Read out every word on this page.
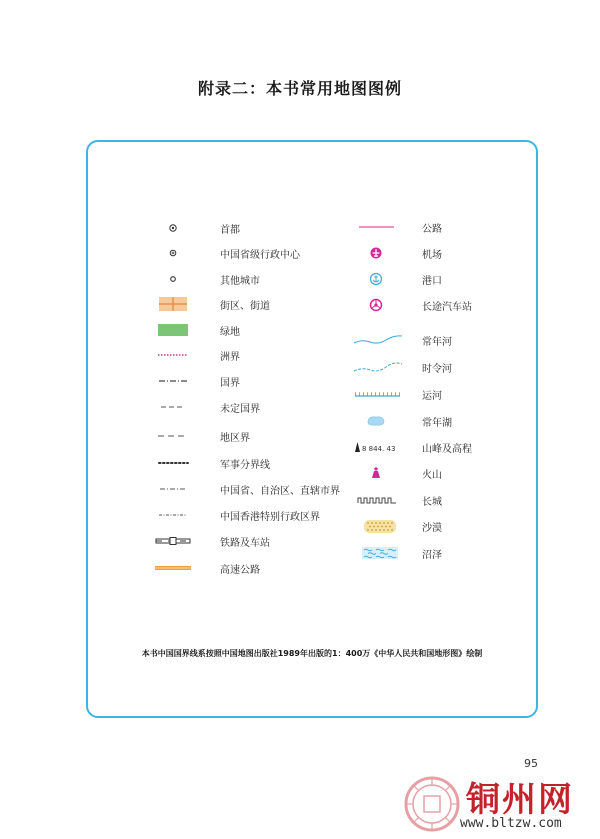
附录二：本书常用地图图例
首都
中国省级行政中心
其他城市
街区、街道
绿地
洲界
国界
未定国界
地区界
军事分界线
中国省、自治区、直辖市界
中国香港特别行政区界
铁路及车站
高速公路
公路
机场
港口
长途汽车站
常年河
时令河
运河
常年湖
8 844. 43	山峰及高程
火山
长城
沙漠
沼泽
本书中国国界线系按照中国地图出版社1989年出版的1：400万《中华人民共和国地形图》绘制
95
铜州网
www.bltzw.com
